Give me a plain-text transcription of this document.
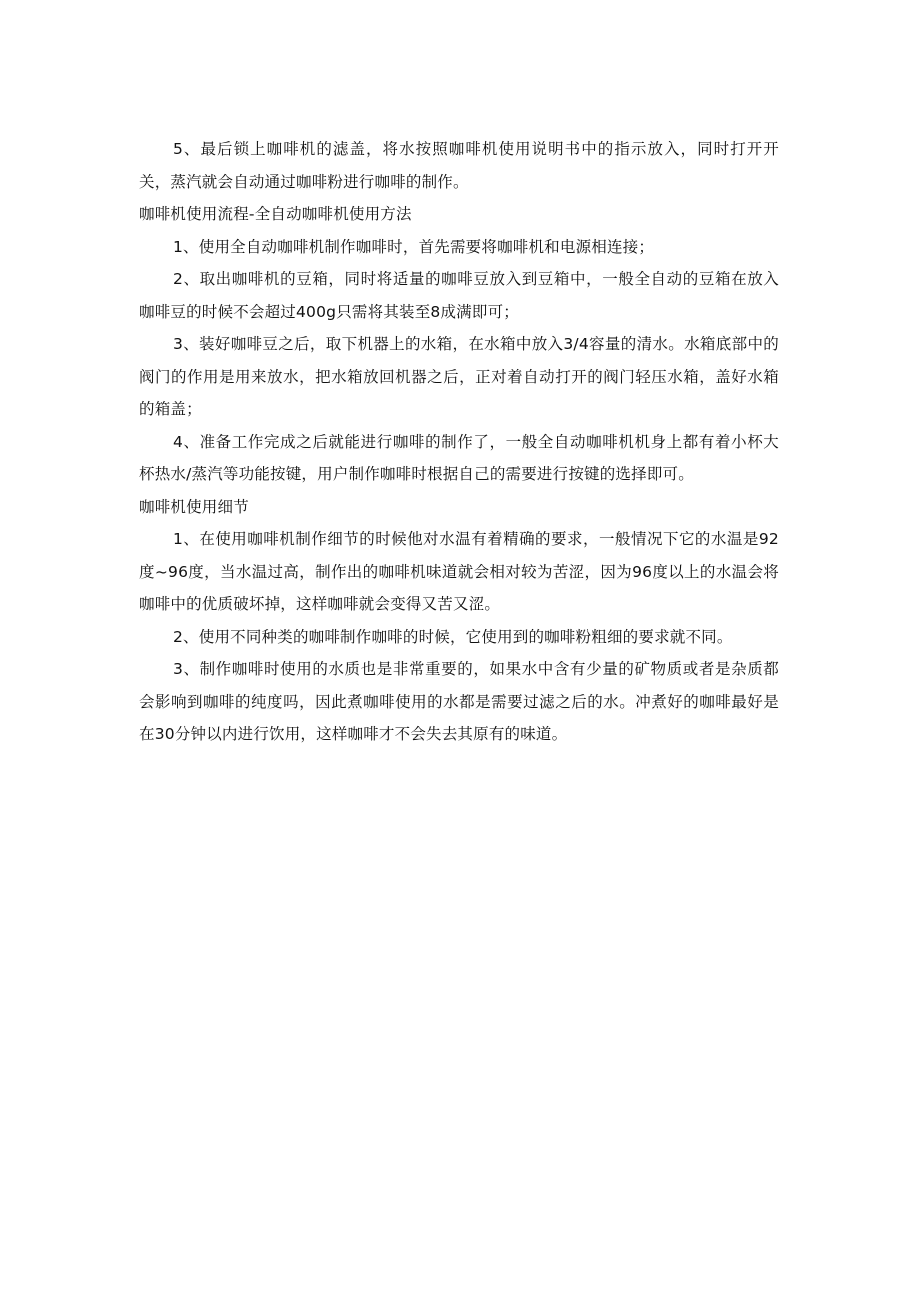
5、最后锁上咖啡机的滤盖，将水按照咖啡机使用说明书中的指示放入，同时打开开关，蒸汽就会自动通过咖啡粉进行咖啡的制作。

咖啡机使用流程-全自动咖啡机使用方法

1、使用全自动咖啡机制作咖啡时，首先需要将咖啡机和电源相连接；

2、取出咖啡机的豆箱，同时将适量的咖啡豆放入到豆箱中，一般全自动的豆箱在放入咖啡豆的时候不会超过400g只需将其装至8成满即可；

3、装好咖啡豆之后，取下机器上的水箱，在水箱中放入3/4容量的清水。水箱底部中的阀门的作用是用来放水，把水箱放回机器之后，正对着自动打开的阀门轻压水箱，盖好水箱的箱盖；

4、准备工作完成之后就能进行咖啡的制作了，一般全自动咖啡机机身上都有着小杯大杯热水/蒸汽等功能按键，用户制作咖啡时根据自己的需要进行按键的选择即可。

咖啡机使用细节

1、在使用咖啡机制作细节的时候他对水温有着精确的要求，一般情况下它的水温是92度~96度，当水温过高，制作出的咖啡机味道就会相对较为苦涩，因为96度以上的水温会将咖啡中的优质破坏掉，这样咖啡就会变得又苦又涩。

2、使用不同种类的咖啡制作咖啡的时候，它使用到的咖啡粉粗细的要求就不同。

3、制作咖啡时使用的水质也是非常重要的，如果水中含有少量的矿物质或者是杂质都会影响到咖啡的纯度吗，因此煮咖啡使用的水都是需要过滤之后的水。冲煮好的咖啡最好是在30分钟以内进行饮用，这样咖啡才不会失去其原有的味道。
